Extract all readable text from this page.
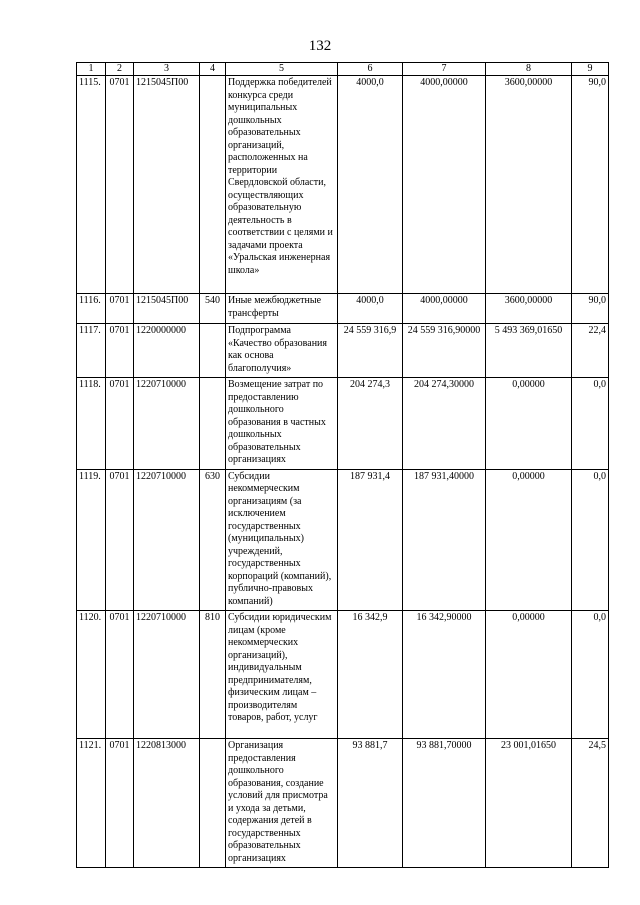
132
1	2	3	4	5	6	7	8	9
1115.	0701	1215045П00		Поддержка победителей конкурса среди муниципальных дошкольных образовательных организаций, расположенных на территории Свердловской области, осуществляющих образовательную деятельность в соответствии с целями и задачами проекта «Уральская инженерная школа»	4000,0	4000,00000	3600,00000	90,0
1116.	0701	1215045П00	540	Иные межбюджетные трансферты	4000,0	4000,00000	3600,00000	90,0
1117.	0701	1220000000		Подпрограмма «Качество образования как основа благополучия»	24 559 316,9	24 559 316,90000	5 493 369,01650	22,4
1118.	0701	1220710000		Возмещение затрат по предоставлению дошкольного образования в частных дошкольных образовательных организациях	204 274,3	204 274,30000	0,00000	0,0
1119.	0701	1220710000	630	Субсидии некоммерческим организациям (за исключением государственных (муниципальных) учреждений, государственных корпораций (компаний), публично-правовых компаний)	187 931,4	187 931,40000	0,00000	0,0
1120.	0701	1220710000	810	Субсидии юридическим лицам (кроме некоммерческих организаций), индивидуальным предпринимателям, физическим лицам – производителям товаров, работ, услуг	16 342,9	16 342,90000	0,00000	0,0
1121.	0701	1220813000		Организация предоставления дошкольного образования, создание условий для присмотра и ухода за детьми, содержания детей в государственных образовательных организациях	93 881,7	93 881,70000	23 001,01650	24,5
